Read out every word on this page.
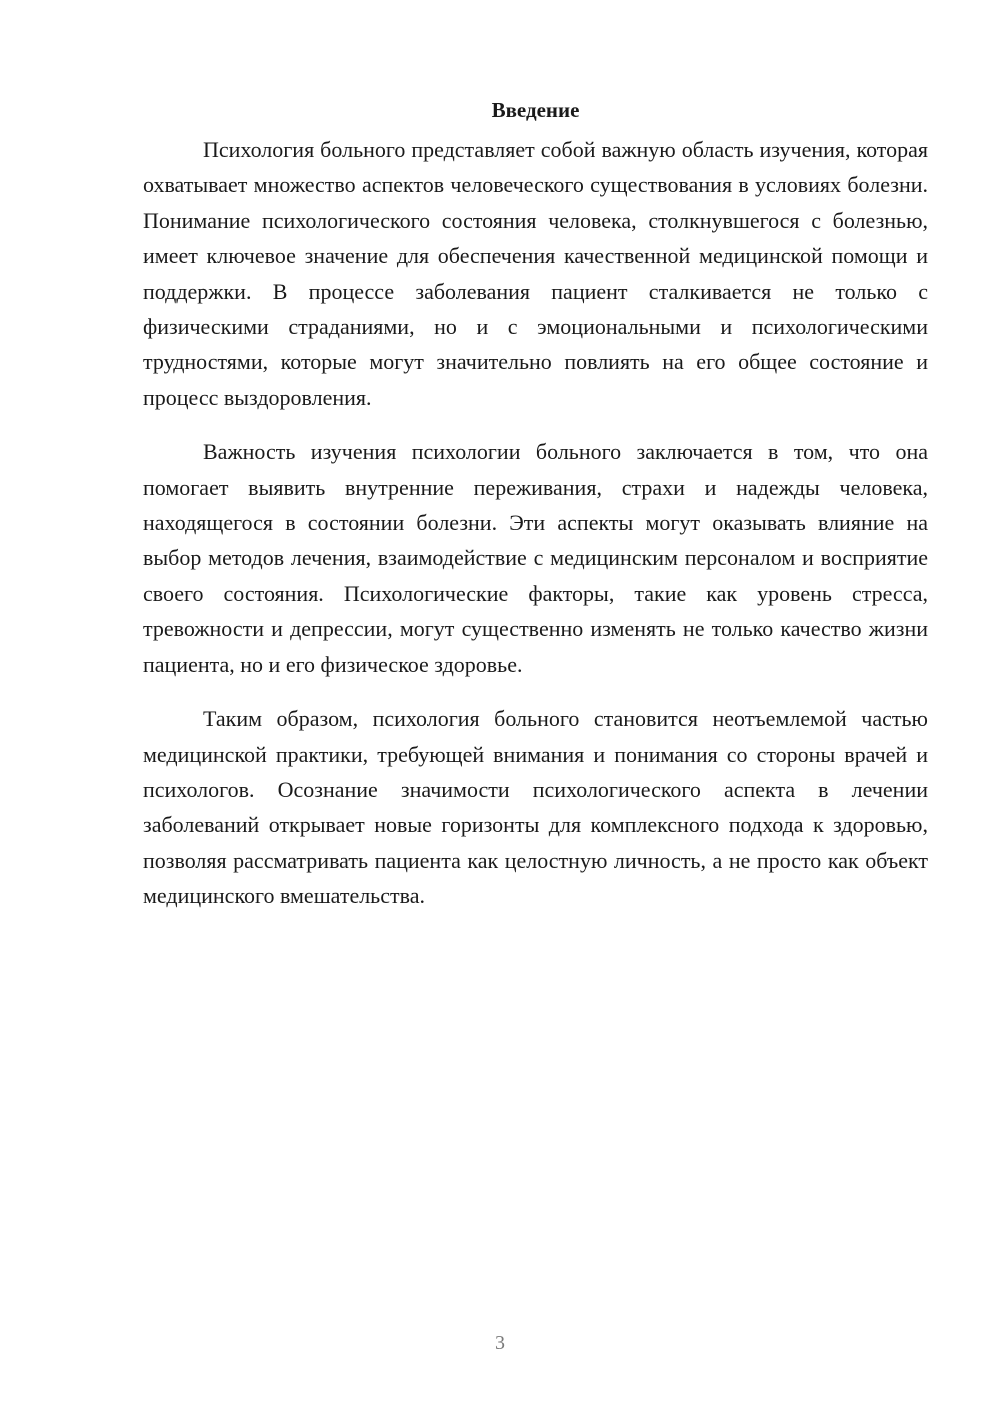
Введение

Психология больного представляет собой важную область изучения, которая охватывает множество аспектов человеческого существования в условиях болезни. Понимание психологического состояния человека, столкнувшегося с болезнью, имеет ключевое значение для обеспечения качественной медицинской помощи и поддержки. В процессе заболевания пациент сталкивается не только с физическими страданиями, но и с эмоциональными и психологическими трудностями, которые могут значительно повлиять на его общее состояние и процесс выздоровления.

Важность изучения психологии больного заключается в том, что она помогает выявить внутренние переживания, страхи и надежды человека, находящегося в состоянии болезни. Эти аспекты могут оказывать влияние на выбор методов лечения, взаимодействие с медицинским персоналом и восприятие своего состояния. Психологические факторы, такие как уровень стресса, тревожности и депрессии, могут существенно изменять не только качество жизни пациента, но и его физическое здоровье.

Таким образом, психология больного становится неотъемлемой частью медицинской практики, требующей внимания и понимания со стороны врачей и психологов. Осознание значимости психологического аспекта в лечении заболеваний открывает новые горизонты для комплексного подхода к здоровью, позволяя рассматривать пациента как целостную личность, а не просто как объект медицинского вмешательства.

3
